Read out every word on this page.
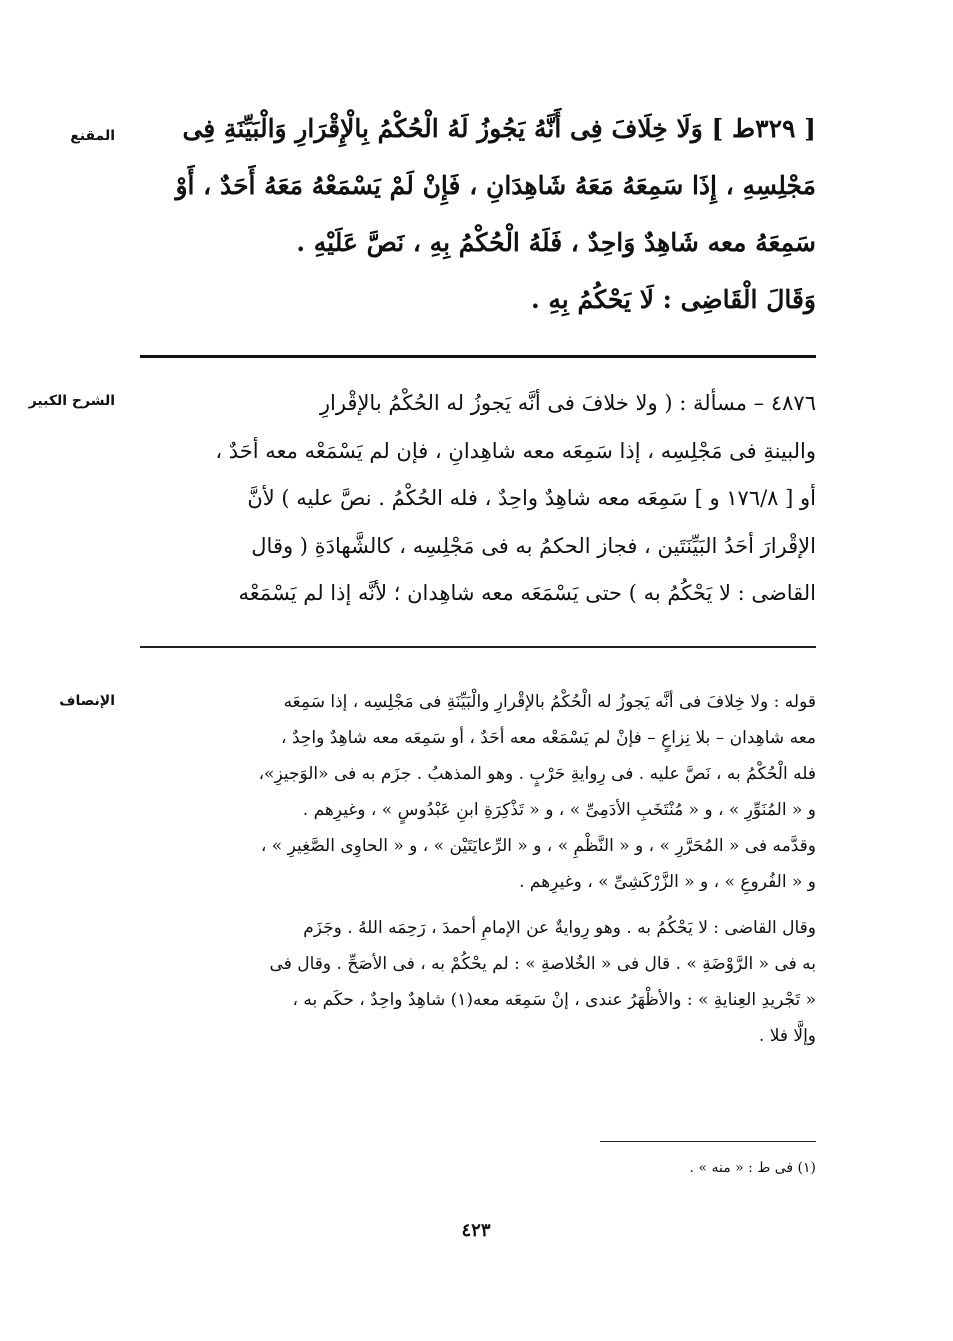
المقنع	[ ٣٢٩ط ] وَلَا خِلَافَ فِى أَنَّهُ يَجُوزُ لَهُ الْحُكْمُ بِالْإِقْرَارِ وَالْبَيِّنَةِ فِى
مَجْلِسِهِ ، إِذَا سَمِعَهُ مَعَهُ شَاهِدَانِ ، فَإِنْ لَمْ يَسْمَعْهُ مَعَهُ أَحَدٌ ، أَوْ
سَمِعَهُ معه شَاهِدٌ وَاحِدٌ ، فَلَهُ الْحُكْمُ بِهِ ، نَصَّ عَلَيْهِ .
وَقَالَ الْقَاضِى : لَا يَحْكُمُ بِهِ .
الشرح الكبير	٤٨٧٦ – مسألة : ( ولا خلافَ فى أنَّه يَجوزُ له الحُكْمُ بالإقْرارِ
والبينةِ فى مَجْلِسِه ، إذا سَمِعَه معه شاهِدانِ ، فإن لم يَسْمَعْه معه أحَدٌ ،
أو [ ١٧٦/٨ و ] سَمِعَه معه شاهِدٌ واحِدٌ ، فله الحُكْمُ . نصَّ عليه ) لأنَّ
الإقْرارَ أحَدُ البَيِّنَتَين ، فجاز الحكمُ به فى مَجْلِسِه ، كالشَّهادَةِ ( وقال
القاضى : لا يَحْكُمُ به ) حتى يَسْمَعَه معه شاهِدان ؛ لأنَّه إذا لم يَسْمَعْه
الإنصاف	قوله : ولا خِلافَ فى أنَّه يَجوزُ له الْحُكْمُ بالإقْرارِ والْبَيِّنَةِ فى مَجْلِسِه ، إذا سَمِعَه
معه شاهِدان – بلا نِزاعٍ – فإنْ لم يَسْمَعْه معه أحَدٌ ، أو سَمِعَه معه شاهِدٌ واحِدٌ ،
فله الْحُكْمُ به ، نَصَّ عليه . فى رِوايةِ حَرْبٍ . وهو المذهبُ . جزَم به فى «الوَجيزِ»،
و « المُنَوِّرِ » ، و « مُنْتَخَبِ الأدَمِىِّ » ، و « تَذْكِرَةِ ابنِ عَبْدُوسٍ » ، وغيرِهم .
وقدَّمه فى « المُحَرَّرِ » ، و « النَّظْمِ » ، و « الرِّعايَتَيْن » ، و « الحاوِى الصَّغِيرِ » ،
و « الفُروعِ » ، و « الزَّرْكَشِىِّ » ، وغيرِهم .
وقال القاضى : لا يَحْكُمُ به . وهو رِوايةٌ عن الإمامِ أحمدَ ، رَحِمَه اللهُ . وجَزَم
به فى « الرَّوْضَةِ » . قال فى « الخُلاصةِ » : لم يحْكُمْ به ، فى الأصَحِّ . وقال فى
« تَجْريدِ العِنايةِ » : والأظْهَرُ عندى ، إنْ سَمِعَه معه(١) شاهِدٌ واحِدٌ ، حكَم به ،
وإلَّا فلا .
(١) فى ط : « منه » .
٤٢٣
